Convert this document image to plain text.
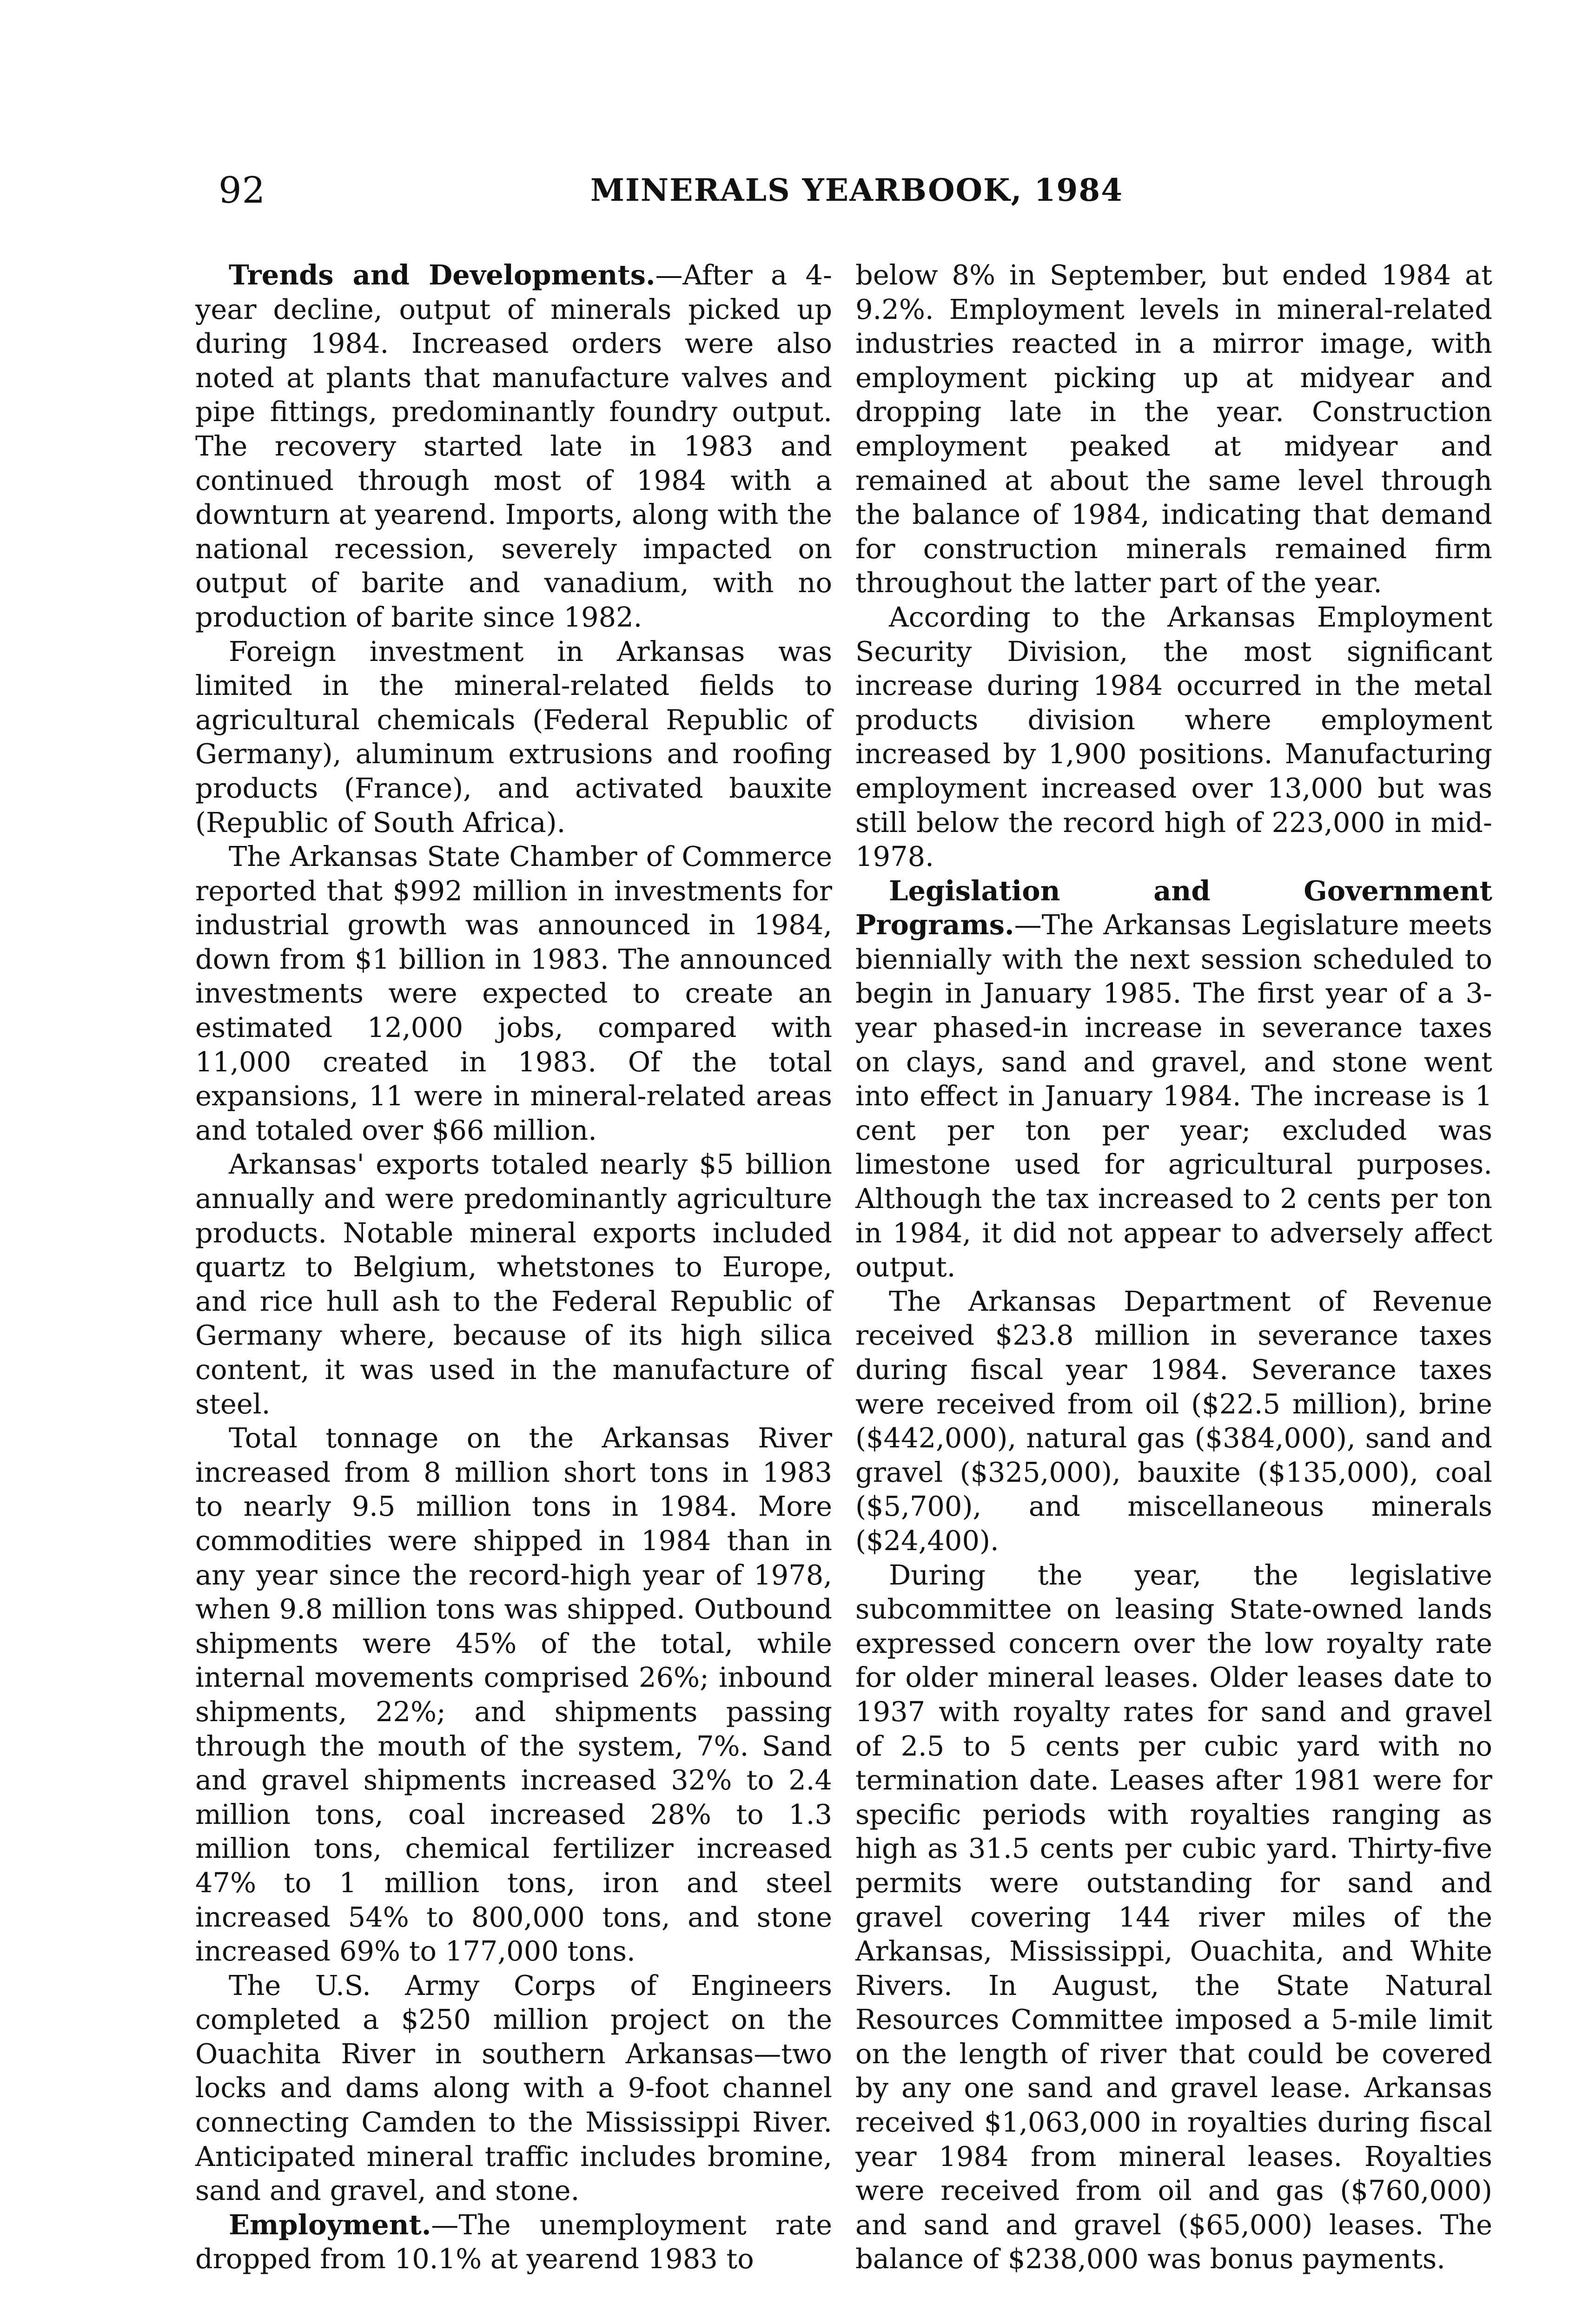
92	MINERALS YEARBOOK, 1984

Trends and Developments.—After a 4-year decline, output of minerals picked up during 1984. Increased orders were also noted at plants that manufacture valves and pipe fittings, predominantly foundry output. The recovery started late in 1983 and continued through most of 1984 with a downturn at yearend. Imports, along with the national recession, severely impacted on output of barite and vanadium, with no production of barite since 1982.

Foreign investment in Arkansas was limited in the mineral-related fields to agricultural chemicals (Federal Republic of Germany), aluminum extrusions and roofing products (France), and activated bauxite (Republic of South Africa).

The Arkansas State Chamber of Commerce reported that $992 million in investments for industrial growth was announced in 1984, down from $1 billion in 1983. The announced investments were expected to create an estimated 12,000 jobs, compared with 11,000 created in 1983. Of the total expansions, 11 were in mineral-related areas and totaled over $66 million.

Arkansas' exports totaled nearly $5 billion annually and were predominantly agriculture products. Notable mineral exports included quartz to Belgium, whetstones to Europe, and rice hull ash to the Federal Republic of Germany where, because of its high silica content, it was used in the manufacture of steel.

Total tonnage on the Arkansas River increased from 8 million short tons in 1983 to nearly 9.5 million tons in 1984. More commodities were shipped in 1984 than in any year since the record-high year of 1978, when 9.8 million tons was shipped. Outbound shipments were 45% of the total, while internal movements comprised 26%; inbound shipments, 22%; and shipments passing through the mouth of the system, 7%. Sand and gravel shipments increased 32% to 2.4 million tons, coal increased 28% to 1.3 million tons, chemical fertilizer increased 47% to 1 million tons, iron and steel increased 54% to 800,000 tons, and stone increased 69% to 177,000 tons.

The U.S. Army Corps of Engineers completed a $250 million project on the Ouachita River in southern Arkansas—two locks and dams along with a 9-foot channel connecting Camden to the Mississippi River. Anticipated mineral traffic includes bromine, sand and gravel, and stone.

Employment.—The unemployment rate dropped from 10.1% at yearend 1983 to

below 8% in September, but ended 1984 at 9.2%. Employment levels in mineral-related industries reacted in a mirror image, with employment picking up at midyear and dropping late in the year. Construction employment peaked at midyear and remained at about the same level through the balance of 1984, indicating that demand for construction minerals remained firm throughout the latter part of the year.

According to the Arkansas Employment Security Division, the most significant increase during 1984 occurred in the metal products division where employment increased by 1,900 positions. Manufacturing employment increased over 13,000 but was still below the record high of 223,000 in mid-1978.

Legislation and Government Programs.—The Arkansas Legislature meets biennially with the next session scheduled to begin in January 1985. The first year of a 3-year phased-in increase in severance taxes on clays, sand and gravel, and stone went into effect in January 1984. The increase is 1 cent per ton per year; excluded was limestone used for agricultural purposes. Although the tax increased to 2 cents per ton in 1984, it did not appear to adversely affect output.

The Arkansas Department of Revenue received $23.8 million in severance taxes during fiscal year 1984. Severance taxes were received from oil ($22.5 million), brine ($442,000), natural gas ($384,000), sand and gravel ($325,000), bauxite ($135,000), coal ($5,700), and miscellaneous minerals ($24,400).

During the year, the legislative subcommittee on leasing State-owned lands expressed concern over the low royalty rate for older mineral leases. Older leases date to 1937 with royalty rates for sand and gravel of 2.5 to 5 cents per cubic yard with no termination date. Leases after 1981 were for specific periods with royalties ranging as high as 31.5 cents per cubic yard. Thirty-five permits were outstanding for sand and gravel covering 144 river miles of the Arkansas, Mississippi, Ouachita, and White Rivers. In August, the State Natural Resources Committee imposed a 5-mile limit on the length of river that could be covered by any one sand and gravel lease. Arkansas received $1,063,000 in royalties during fiscal year 1984 from mineral leases. Royalties were received from oil and gas ($760,000) and sand and gravel ($65,000) leases. The balance of $238,000 was bonus payments.
